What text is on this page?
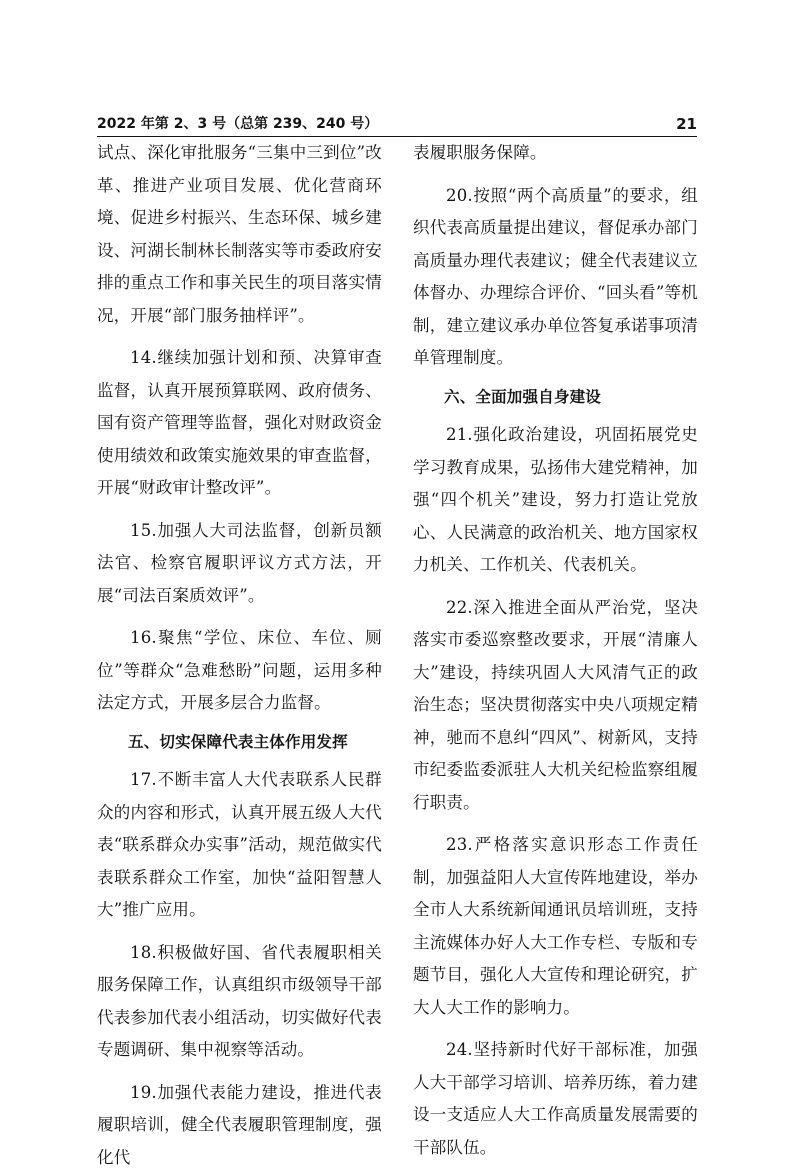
2022 年第 2、3 号（总第 239、240 号）	21

试点、深化审批服务“三集中三到位”改革、推进产业项目发展、优化营商环境、促进乡村振兴、生态环保、城乡建设、河湖长制林长制落实等市委政府安排的重点工作和事关民生的项目落实情况，开展“部门服务抽样评”。

14.继续加强计划和预、决算审查监督，认真开展预算联网、政府债务、国有资产管理等监督，强化对财政资金使用绩效和政策实施效果的审查监督，开展“财政审计整改评”。

15.加强人大司法监督，创新员额法官、检察官履职评议方式方法，开展“司法百案质效评”。

16.聚焦“学位、床位、车位、厕位”等群众“急难愁盼”问题，运用多种法定方式，开展多层合力监督。

五、切实保障代表主体作用发挥

17.不断丰富人大代表联系人民群众的内容和形式，认真开展五级人大代表“联系群众办实事”活动，规范做实代表联系群众工作室，加快“益阳智慧人大”推广应用。

18.积极做好国、省代表履职相关服务保障工作，认真组织市级领导干部代表参加代表小组活动，切实做好代表专题调研、集中视察等活动。

19.加强代表能力建设，推进代表履职培训，健全代表履职管理制度，强化代

表履职服务保障。

20.按照“两个高质量”的要求，组织代表高质量提出建议，督促承办部门高质量办理代表建议；健全代表建议立体督办、办理综合评价、“回头看”等机制，建立建议承办单位答复承诺事项清单管理制度。

六、全面加强自身建设

21.强化政治建设，巩固拓展党史学习教育成果，弘扬伟大建党精神，加强“四个机关”建设，努力打造让党放心、人民满意的政治机关、地方国家权力机关、工作机关、代表机关。

22.深入推进全面从严治党，坚决落实市委巡察整改要求，开展“清廉人大”建设，持续巩固人大风清气正的政治生态；坚决贯彻落实中央八项规定精神，驰而不息纠“四风”、树新风，支持市纪委监委派驻人大机关纪检监察组履行职责。

23.严格落实意识形态工作责任制，加强益阳人大宣传阵地建设，举办全市人大系统新闻通讯员培训班，支持主流媒体办好人大工作专栏、专版和专题节目，强化人大宣传和理论研究，扩大人大工作的影响力。

24.坚持新时代好干部标准，加强人大干部学习培训、培养历练，着力建设一支适应人大工作高质量发展需要的干部队伍。
